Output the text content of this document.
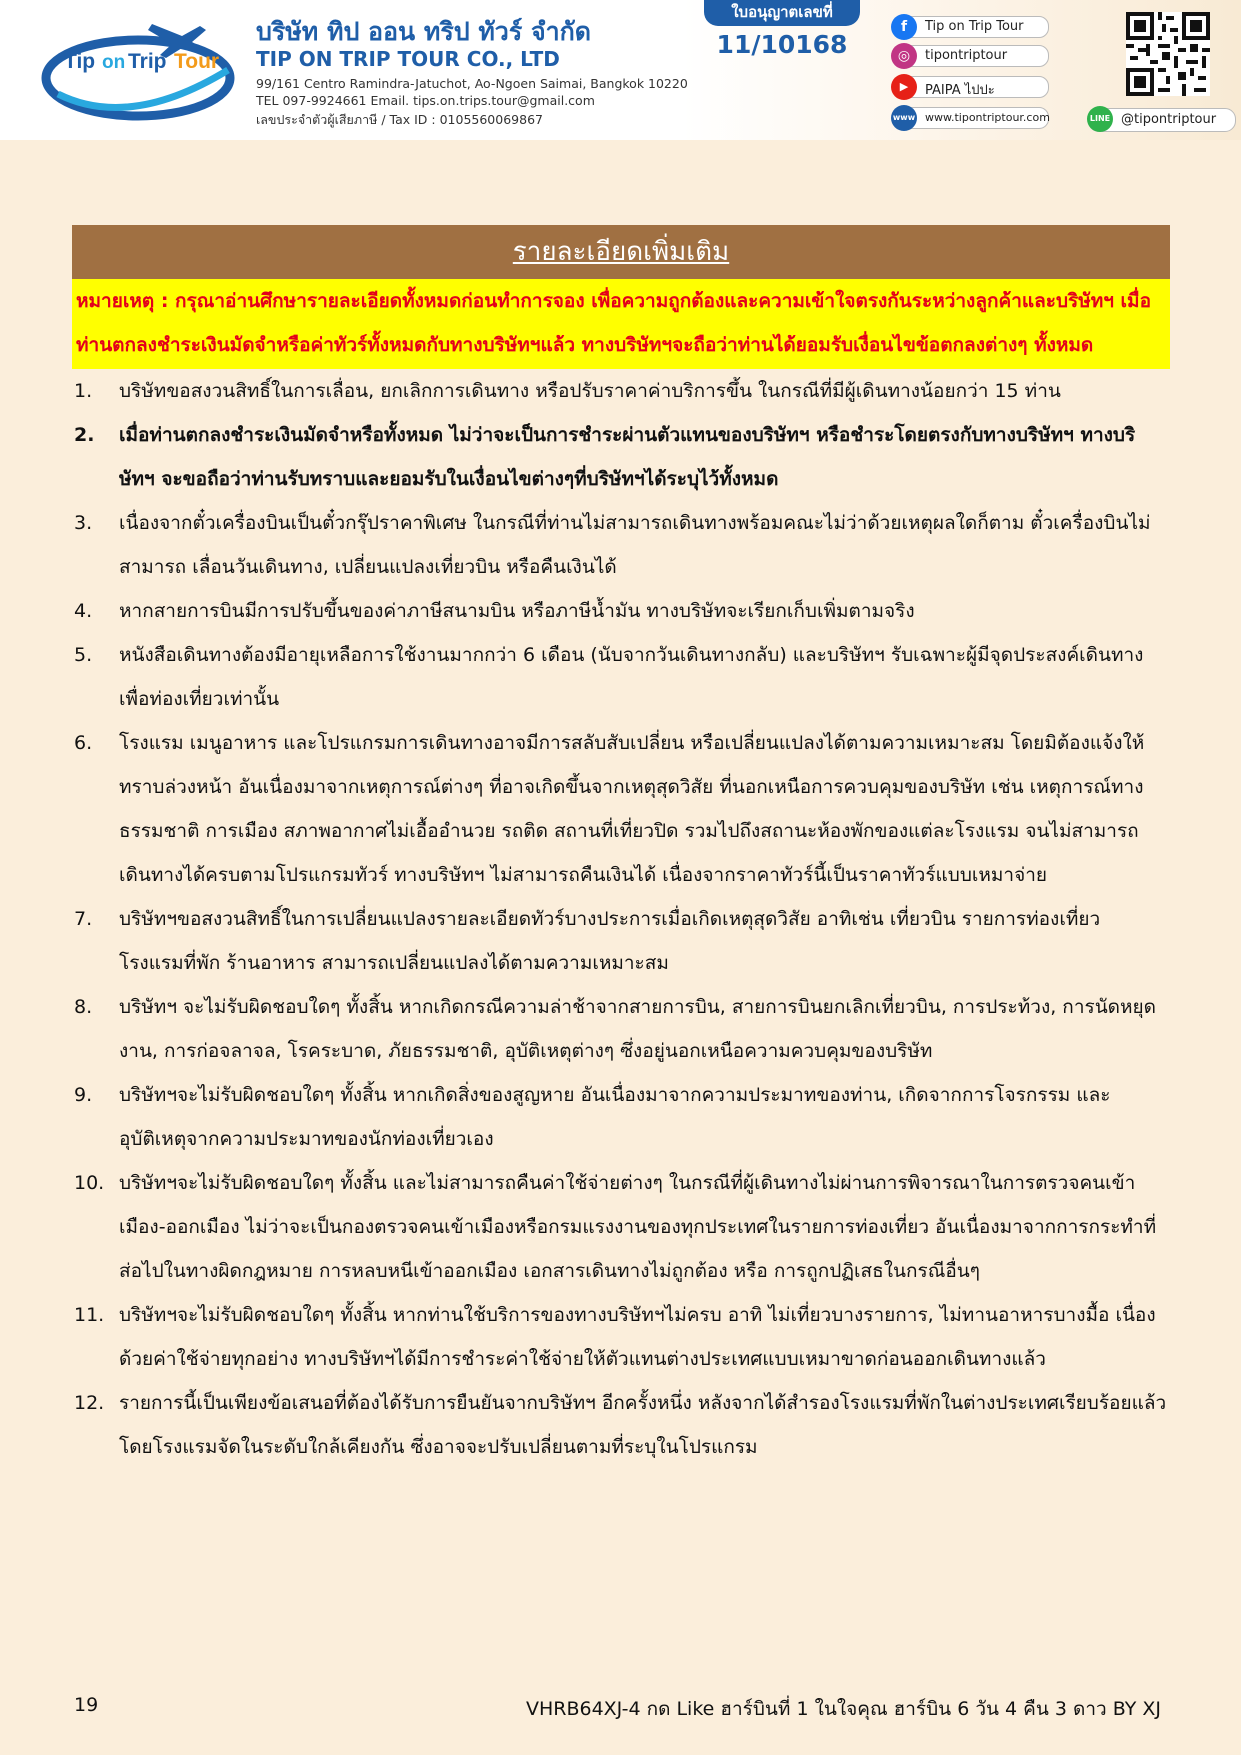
Tip on Trip Tour
บริษัท ทิป ออน ทริป ทัวร์ จำกัด
TIP ON TRIP TOUR CO., LTD
99/161 Centro Ramindra-Jatuchot, Ao-Ngoen Saimai, Bangkok 10220
TEL 097-9924661 Email. tips.on.trips.tour@gmail.com
เลขประจำตัวผู้เสียภาษี / Tax ID : 0105560069867
ใบอนุญาตเลขที่
11/10168
f	Tip on Trip Tour
◎	tipontriptour
▶	PAIPA ไปปะ
www www.tipontriptour.com	LINE @tipontriptour
รายละเอียดเพิ่มเติม
หมายเหตุ : กรุณาอ่านศึกษารายละเอียดทั้งหมดก่อนทำการจอง เพื่อความถูกต้องและความเข้าใจตรงกันระหว่างลูกค้าและบริษัทฯ เมื่อท่านตกลงชำระเงินมัดจำหรือค่าทัวร์ทั้งหมดกับทางบริษัทฯแล้ว ทางบริษัทฯจะถือว่าท่านได้ยอมรับเงื่อนไขข้อตกลงต่างๆ ทั้งหมด
1. บริษัทขอสงวนสิทธิ์ในการเลื่อน, ยกเลิกการเดินทาง หรือปรับราคาค่าบริการขึ้น ในกรณีที่มีผู้เดินทางน้อยกว่า 15 ท่าน
2. เมื่อท่านตกลงชำระเงินมัดจำหรือทั้งหมด ไม่ว่าจะเป็นการชำระผ่านตัวแทนของบริษัทฯ หรือชำระโดยตรงกับทางบริษัทฯ ทางบริษัทฯ จะขอถือว่าท่านรับทราบและยอมรับในเงื่อนไขต่างๆที่บริษัทฯได้ระบุไว้ทั้งหมด
3. เนื่องจากตั๋วเครื่องบินเป็นตั๋วกรุ๊ปราคาพิเศษ ในกรณีที่ท่านไม่สามารถเดินทางพร้อมคณะไม่ว่าด้วยเหตุผลใดก็ตาม ตั๋วเครื่องบินไม่สามารถ เลื่อนวันเดินทาง, เปลี่ยนแปลงเที่ยวบิน หรือคืนเงินได้
4. หากสายการบินมีการปรับขึ้นของค่าภาษีสนามบิน หรือภาษีน้ำมัน ทางบริษัทจะเรียกเก็บเพิ่มตามจริง
5. หนังสือเดินทางต้องมีอายุเหลือการใช้งานมากกว่า 6 เดือน (นับจากวันเดินทางกลับ) และบริษัทฯ รับเฉพาะผู้มีจุดประสงค์เดินทางเพื่อท่องเที่ยวเท่านั้น
6. โรงแรม เมนูอาหาร และโปรแกรมการเดินทางอาจมีการสลับสับเปลี่ยน หรือเปลี่ยนแปลงได้ตามความเหมาะสม โดยมิต้องแจ้งให้ทราบล่วงหน้า อันเนื่องมาจากเหตุการณ์ต่างๆ ที่อาจเกิดขึ้นจากเหตุสุดวิสัย ที่นอกเหนือการควบคุมของบริษัท เช่น เหตุการณ์ทางธรรมชาติ การเมือง สภาพอากาศไม่เอื้ออำนวย รถติด สถานที่เที่ยวปิด รวมไปถึงสถานะห้องพักของแต่ละโรงแรม จนไม่สามารถเดินทางได้ครบตามโปรแกรมทัวร์ ทางบริษัทฯ ไม่สามารถคืนเงินได้ เนื่องจากราคาทัวร์นี้เป็นราคาทัวร์แบบเหมาจ่าย
7. บริษัทฯขอสงวนสิทธิ์ในการเปลี่ยนแปลงรายละเอียดทัวร์บางประการเมื่อเกิดเหตุสุดวิสัย อาทิเช่น เที่ยวบิน รายการท่องเที่ยว โรงแรมที่พัก ร้านอาหาร สามารถเปลี่ยนแปลงได้ตามความเหมาะสม
8. บริษัทฯ จะไม่รับผิดชอบใดๆ ทั้งสิ้น หากเกิดกรณีความล่าช้าจากสายการบิน, สายการบินยกเลิกเที่ยวบิน, การประท้วง, การนัดหยุดงาน, การก่อจลาจล, โรคระบาด, ภัยธรรมชาติ, อุบัติเหตุต่างๆ ซึ่งอยู่นอกเหนือความควบคุมของบริษัท
9. บริษัทฯจะไม่รับผิดชอบใดๆ ทั้งสิ้น หากเกิดสิ่งของสูญหาย อันเนื่องมาจากความประมาทของท่าน, เกิดจากการโจรกรรม และ อุบัติเหตุจากความประมาทของนักท่องเที่ยวเอง
10. บริษัทฯจะไม่รับผิดชอบใดๆ ทั้งสิ้น และไม่สามารถคืนค่าใช้จ่ายต่างๆ ในกรณีที่ผู้เดินทางไม่ผ่านการพิจารณาในการตรวจคนเข้าเมือง-ออกเมือง ไม่ว่าจะเป็นกองตรวจคนเข้าเมืองหรือกรมแรงงานของทุกประเทศในรายการท่องเที่ยว อันเนื่องมาจากการกระทำที่ส่อไปในทางผิดกฎหมาย การหลบหนีเข้าออกเมือง เอกสารเดินทางไม่ถูกต้อง หรือ การถูกปฏิเสธในกรณีอื่นๆ
11. บริษัทฯจะไม่รับผิดชอบใดๆ ทั้งสิ้น หากท่านใช้บริการของทางบริษัทฯไม่ครบ อาทิ ไม่เที่ยวบางรายการ, ไม่ทานอาหารบางมื้อ เนื่องด้วยค่าใช้จ่ายทุกอย่าง ทางบริษัทฯได้มีการชำระค่าใช้จ่ายให้ตัวแทนต่างประเทศแบบเหมาขาดก่อนออกเดินทางแล้ว
12. รายการนี้เป็นเพียงข้อเสนอที่ต้องได้รับการยืนยันจากบริษัทฯ อีกครั้งหนึ่ง หลังจากได้สำรองโรงแรมที่พักในต่างประเทศเรียบร้อยแล้ว โดยโรงแรมจัดในระดับใกล้เคียงกัน ซึ่งอาจจะปรับเปลี่ยนตามที่ระบุในโปรแกรม
19	VHRB64XJ-4 กด Like ฮาร์บินที่ 1 ในใจคุณ ฮาร์บิน 6 วัน 4 คืน 3 ดาว BY XJ
